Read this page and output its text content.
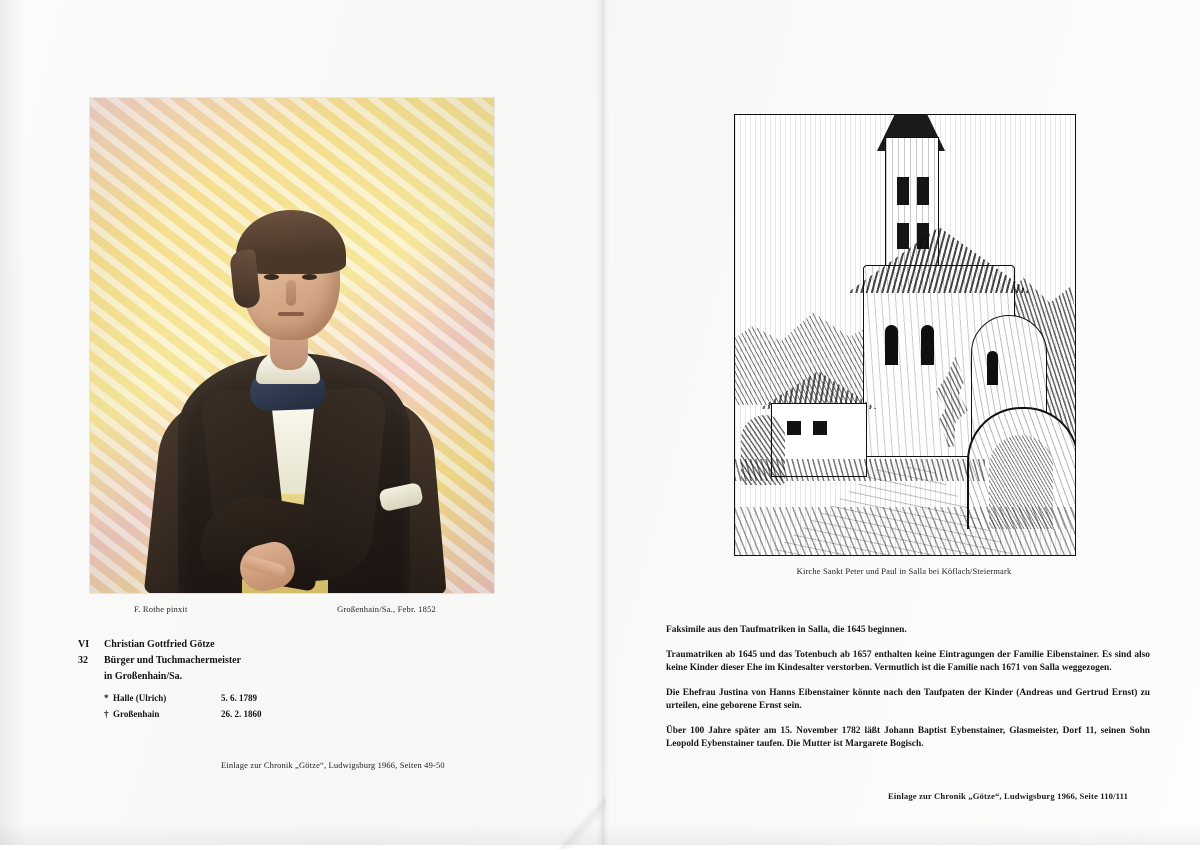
F. Rothe pinxit	Großenhain/Sa., Febr. 1852
VI	Christian Gottfried Götze
32	Bürger und Tuchmachermeister
in Großenhain/Sa.
* Halle (Ulrich)	5. 6. 1789
† Großenhain	26. 2. 1860
Einlage zur Chronik „Götze“, Ludwigsburg 1966, Seiten 49-50
Kirche Sankt Peter und Paul in Salla bei Köflach/Steiermark

Faksimile aus den Taufmatriken in Salla, die 1645 beginnen.

Traumatriken ab 1645 und das Totenbuch ab 1657 enthalten keine Eintragungen der Familie Eibenstainer. Es sind also keine Kinder dieser Ehe im Kindesalter verstorben. Vermutlich ist die Familie nach 1671 von Salla weggezogen.

Die Ehefrau Justina von Hanns Eibenstainer könnte nach den Taufpaten der Kinder (Andreas und Gertrud Ernst) zu urteilen, eine geborene Ernst sein.

Über 100 Jahre später am 15. November 1782 läßt Johann Baptist Eybenstainer, Glasmeister, Dorf 11, seinen Sohn Leopold Eybenstainer taufen. Die Mutter ist Margarete Bogisch.

Einlage zur Chronik „Götze“, Ludwigsburg 1966, Seite 110/111
